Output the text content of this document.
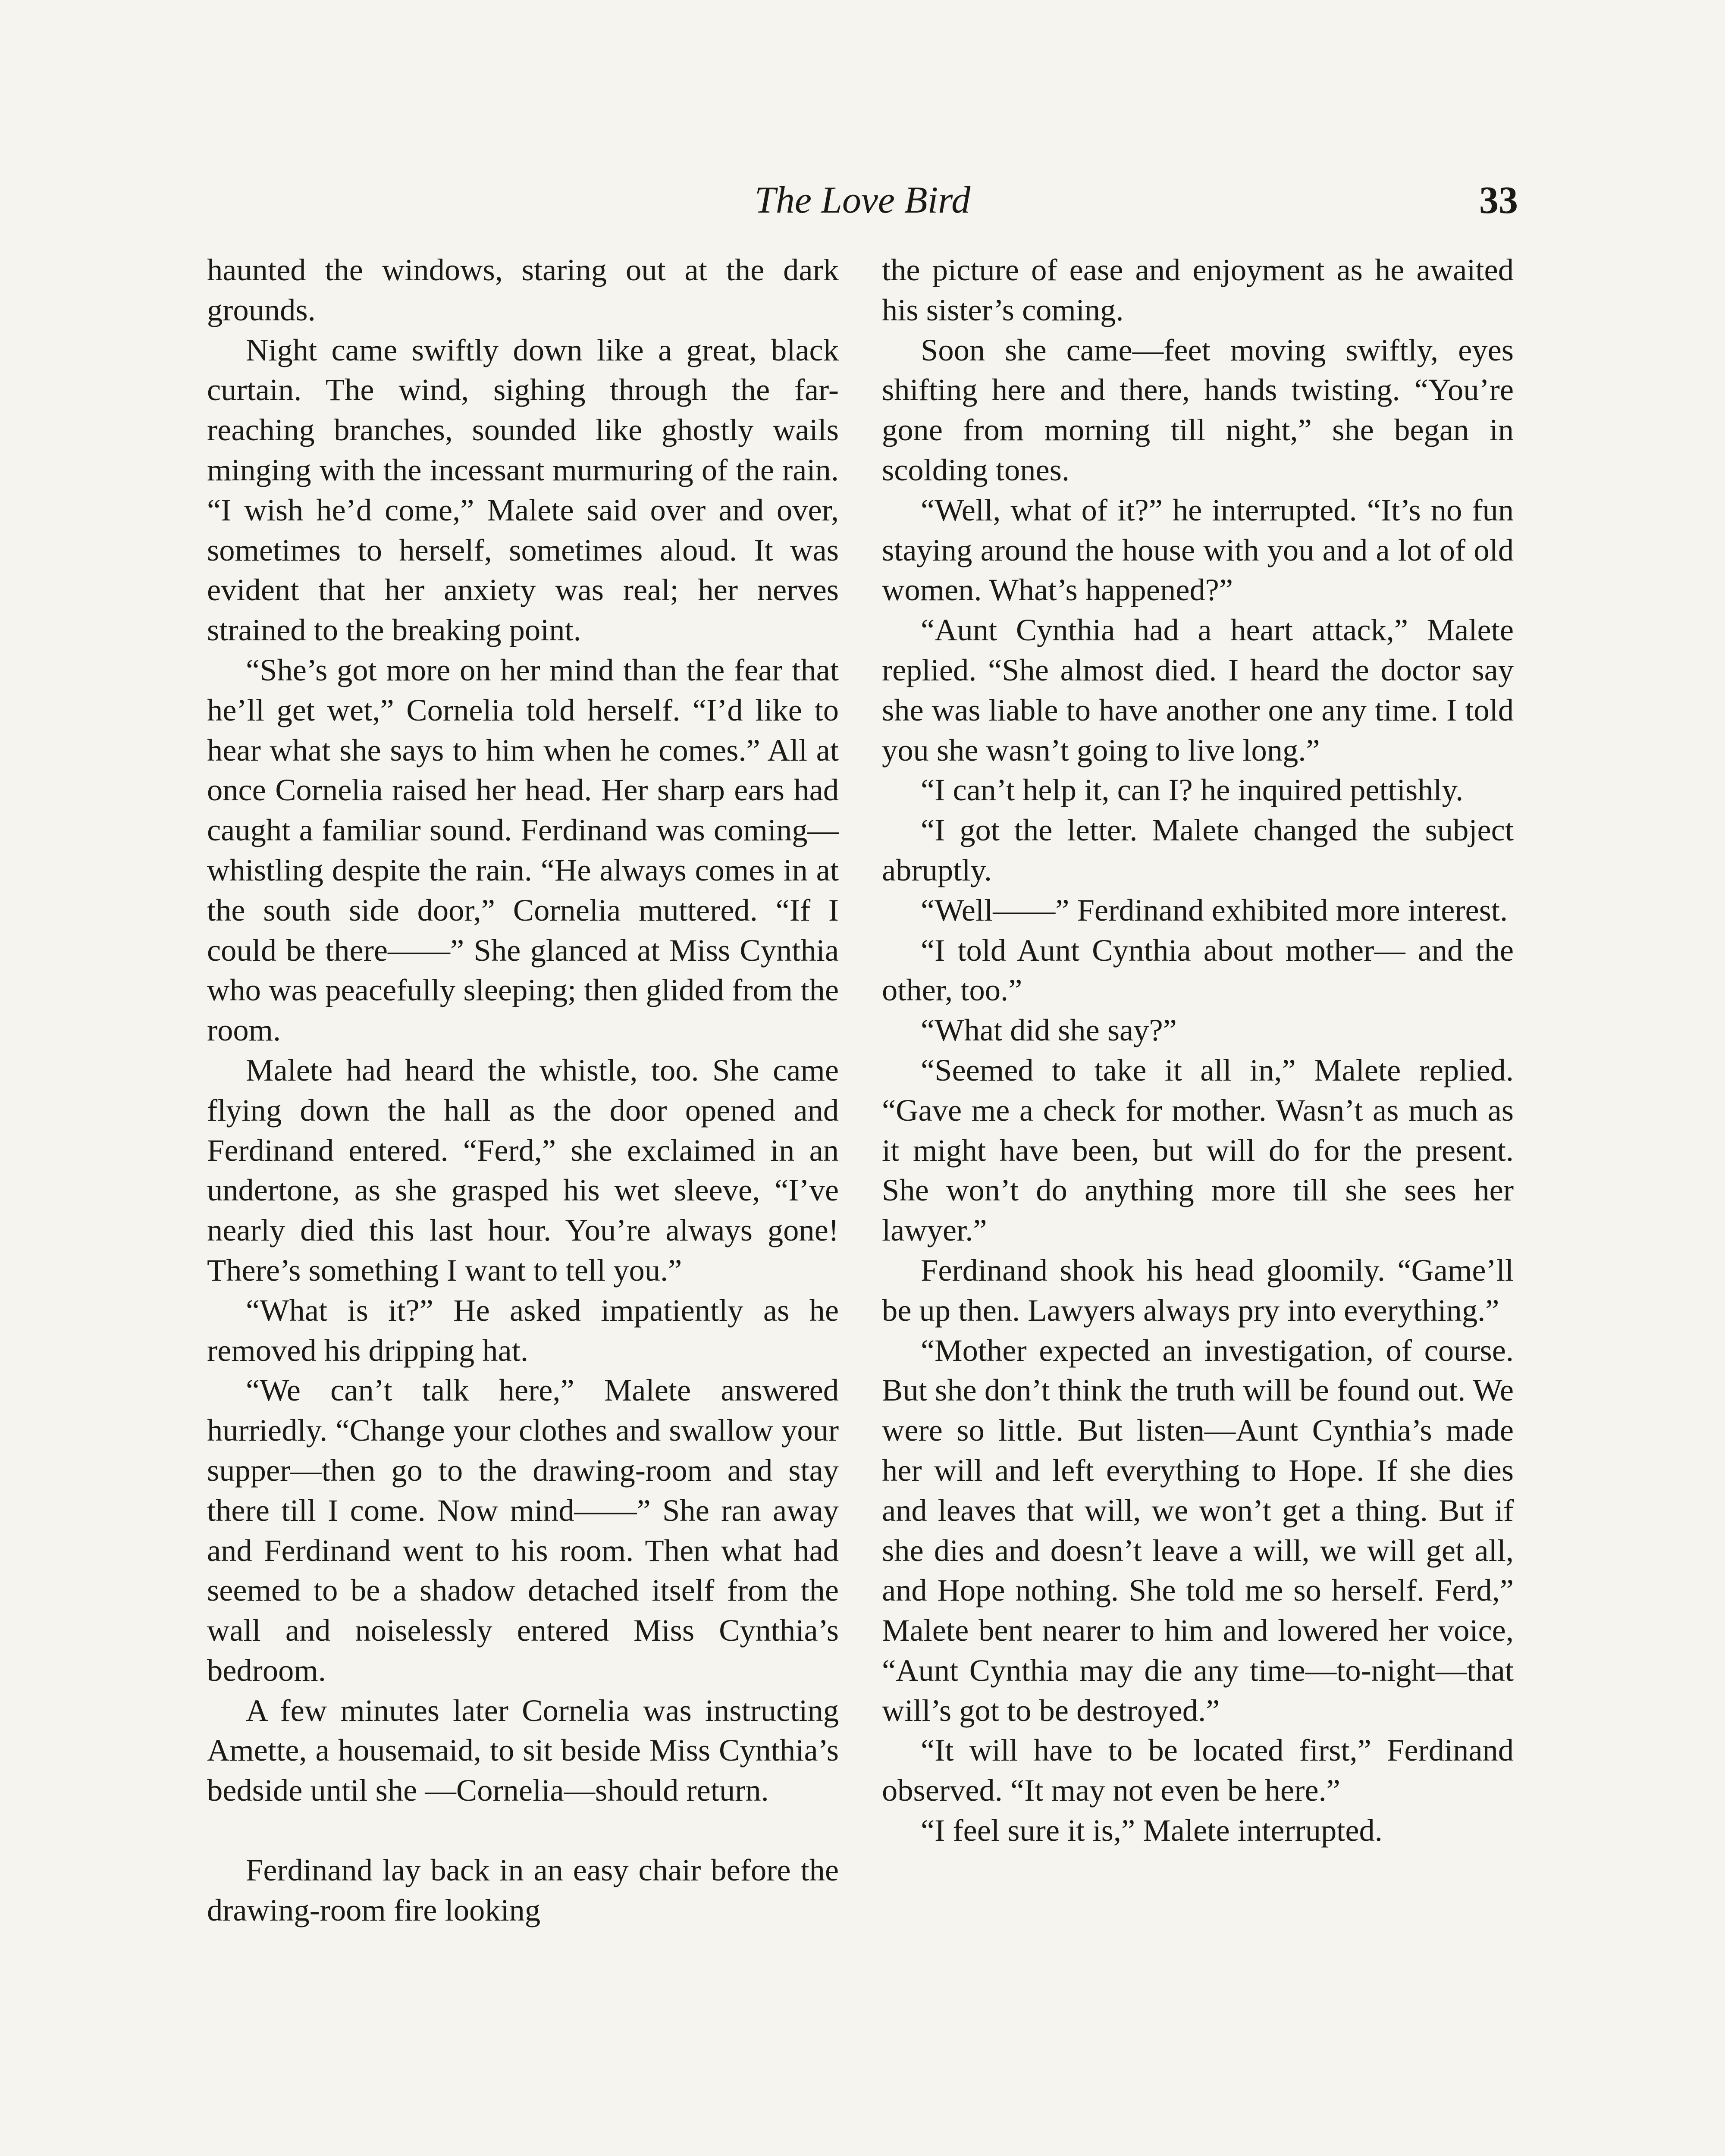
The Love Bird	33

haunted the windows, staring out at the dark grounds.

Night came swiftly down like a great, black curtain. The wind, sighing through the far-reaching branches, sounded like ghostly wails minging with the incessant murmuring of the rain. “I wish he’d come,” Malete said over and over, sometimes to herself, sometimes aloud. It was evident that her anxiety was real; her nerves strained to the breaking point.

“She’s got more on her mind than the fear that he’ll get wet,” Cornelia told herself. “I’d like to hear what she says to him when he comes.” All at once Cornelia raised her head. Her sharp ears had caught a familiar sound. Ferdinand was coming—whistling despite the rain. “He always comes in at the south side door,” Cornelia muttered. “If I could be there——” She glanced at Miss Cynthia who was peacefully sleeping; then glided from the room.

Malete had heard the whistle, too. She came flying down the hall as the door opened and Ferdinand entered. “Ferd,” she exclaimed in an undertone, as she grasped his wet sleeve, “I’ve nearly died this last hour. You’re always gone! There’s something I want to tell you.”

“What is it?” He asked impatiently as he removed his dripping hat.

“We can’t talk here,” Malete answered hurriedly. “Change your clothes and swallow your supper—then go to the drawing-room and stay there till I come. Now mind——” She ran away and Ferdinand went to his room. Then what had seemed to be a shadow detached itself from the wall and noiselessly entered Miss Cynthia’s bedroom.

A few minutes later Cornelia was instructing Amette, a housemaid, to sit beside Miss Cynthia’s bedside until she —Cornelia—should return.

Ferdinand lay back in an easy chair before the drawing-room fire looking

the picture of ease and enjoyment as he awaited his sister’s coming.

Soon she came—feet moving swiftly, eyes shifting here and there, hands twisting. “You’re gone from morning till night,” she began in scolding tones.

“Well, what of it?” he interrupted. “It’s no fun staying around the house with you and a lot of old women. What’s happened?”

“Aunt Cynthia had a heart attack,” Malete replied. “She almost died. I heard the doctor say she was liable to have another one any time. I told you she wasn’t going to live long.”

“I can’t help it, can I? he inquired pettishly.

“I got the letter. Malete changed the subject abruptly.

“Well——” Ferdinand exhibited more interest.

“I told Aunt Cynthia about mother— and the other, too.”

“What did she say?”

“Seemed to take it all in,” Malete replied. “Gave me a check for mother. Wasn’t as much as it might have been, but will do for the present. She won’t do anything more till she sees her lawyer.”

Ferdinand shook his head gloomily. “Game’ll be up then. Lawyers always pry into everything.”

“Mother expected an investigation, of course. But she don’t think the truth will be found out. We were so little. But listen—Aunt Cynthia’s made her will and left everything to Hope. If she dies and leaves that will, we won’t get a thing. But if she dies and doesn’t leave a will, we will get all, and Hope nothing. She told me so herself. Ferd,” Malete bent nearer to him and lowered her voice, “Aunt Cynthia may die any time—to-night—that will’s got to be destroyed.”

“It will have to be located first,” Ferdinand observed. “It may not even be here.”

“I feel sure it is,” Malete interrupted.
